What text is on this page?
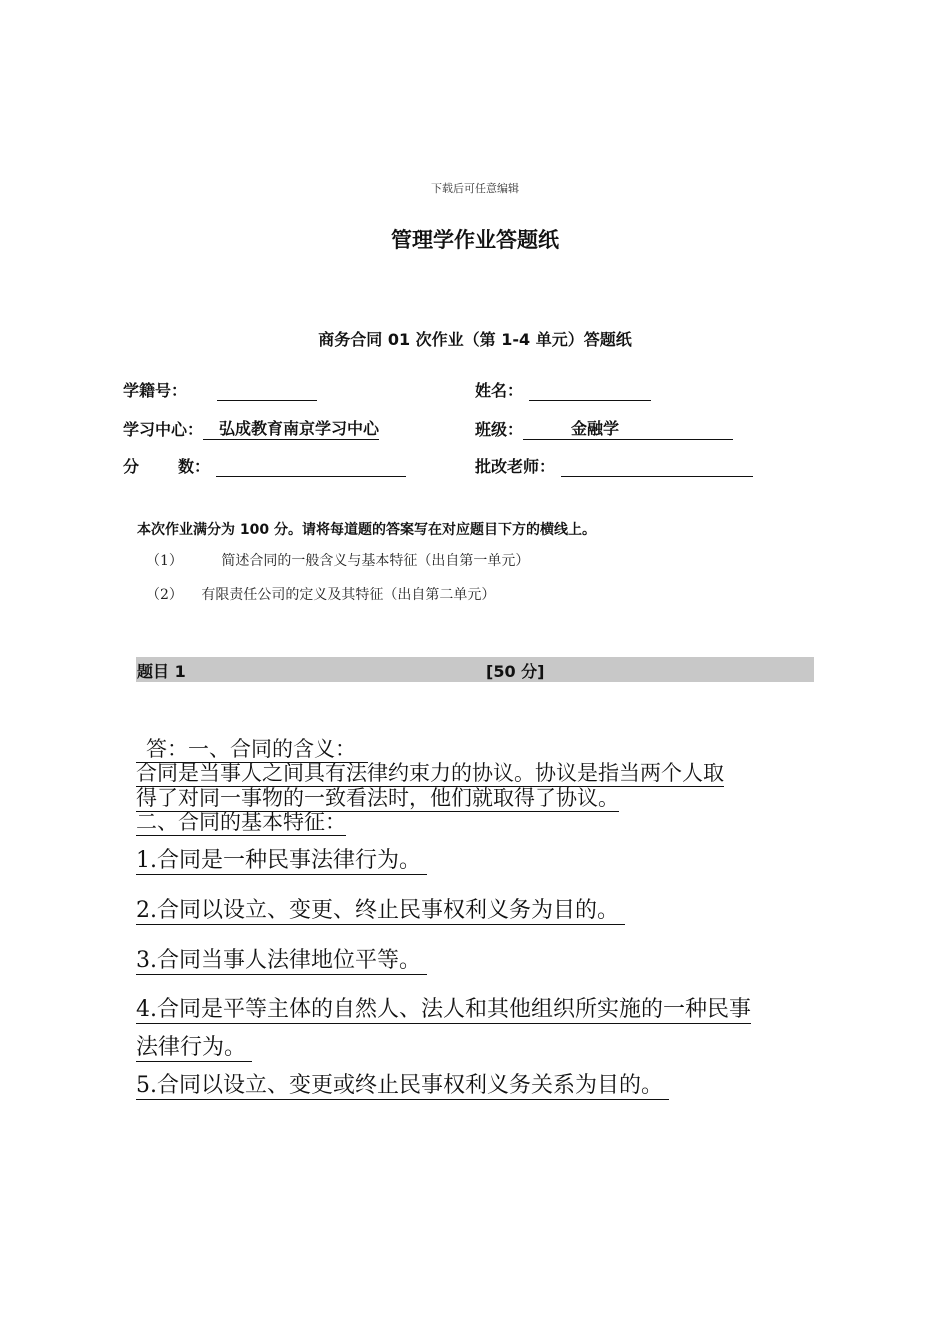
下载后可任意编辑
管理学作业答题纸
商务合同 01 次作业（第 1-4 单元）答题纸
学籍号：	姓名：
学习中心： 弘成教育南京学习中心	班级：	金融学
分       数：	批改老师：
本次作业满分为 100 分。请将每道题的答案写在对应题目下方的横线上。
（1）	简述合同的一般含义与基本特征（出自第一单元）
（2） 有限责任公司的定义及其特征（出自第二单元）
题目 1	[50 分]
答：一、合同的含义：
合同是当事人之间具有法律约束力的协议。协议是指当两个人取
得了对同一事物的一致看法时，他们就取得了协议。
二、合同的基本特征：
1.合同是一种民事法律行为。
2.合同以设立、变更、终止民事权利义务为目的。
3.合同当事人法律地位平等。
4.合同是平等主体的自然人、法人和其他组织所实施的一种民事
法律行为。
5.合同以设立、变更或终止民事权利义务关系为目的。
